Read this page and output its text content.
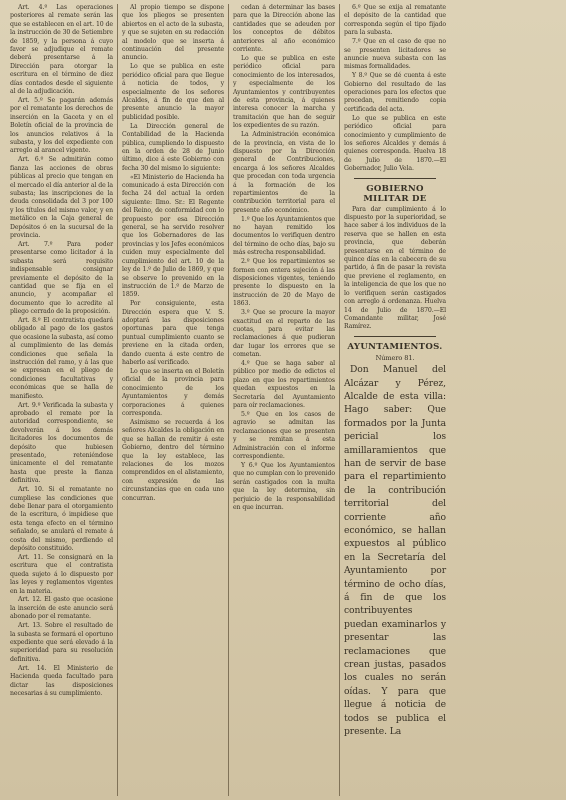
Art. 4.º Las operaciones posteriores al remate serán las que se establecen en el art. 10 de la instrucción de 30 de Setiembre de 1859, y la persona á cuyo favor se adjudique el remate deberá presentarse á la Dirección para otorgar la escritura en el término de diez días contados desde el siguiente al de la adjudicación.

Art. 5.º Se pagarán además por el rematante los derechos de inserción en la Gaceta y en el Boletín oficial de la provincia de los anuncios relativos á la subasta, y los del expediente con arreglo al arancel vigente.

Art. 6.º Se admitirán como fianza las acciones de obras públicas al precio que tengan en el mercado el día anterior al de la subasta; las inscripciones de la deuda consolidada del 3 por 100 y los títulos del mismo valor, y en metálico en la Caja general de Depósitos ó en la sucursal de la provincia.

Art. 7.º Para poder presentarse como licitador á la subasta será requisito indispensable consignar previamente el depósito de la cantidad que se fija en el anuncio, y acompañar el documento que lo acredite al pliego cerrado de la proposición.

Art. 8.º El contratista quedará obligado al pago de los gastos que ocasione la subasta, así como al cumplimiento de las demás condiciones que señala la instrucción del ramo, y á las que se expresan en el pliego de condiciones facultativas y económicas que se halla de manifiesto.

Art. 9.º Verificada la subasta y aprobado el remate por la autoridad correspondiente, se devolverán á los demás licitadores los documentos de depósito que hubiesen presentado, reteniéndose únicamente el del rematante hasta que preste la fianza definitiva.

Art. 10. Si el rematante no cumpliese las condiciones que debe llenar para el otorgamiento de la escritura, ó impidiese que esta tenga efecto en el término señalado, se anulará el remate á costa del mismo, perdiendo el depósito constituido.

Art. 11. Se consignará en la escritura que el contratista queda sujeto á lo dispuesto por las leyes y reglamentos vigentes en la materia.

Art. 12. El gasto que ocasione la inserción de este anuncio será abonado por el rematante.

Art. 13. Sobre el resultado de la subasta se formará el oportuno expediente que será elevado á la superioridad para su resolución definitiva.

Art. 14. El Ministerio de Hacienda queda facultado para dictar las disposiciones necesarias á su cumplimiento.

Al propio tiempo se dispone que los pliegos se presenten abiertos en el acto de la subasta, y que se sujeten en su redacción al modelo que se inserta á continuación del presente anuncio.

Lo que se publica en este periódico oficial para que llegue á noticia de todos, y especialmente de los señores Alcaldes, á fin de que den al presente anuncio la mayor publicidad posible.

La Dirección general de Contabilidad de la Hacienda pública, cumpliendo lo dispuesto en la orden de 28 de Junio último, dice á este Gobierno con fecha 30 del mismo lo siguiente:

«El Ministerio de Hacienda ha comunicado á esta Dirección con fecha 24 del actual la orden siguiente: Ilmo. Sr.: El Regente del Reino, de conformidad con lo propuesto por esa Dirección general, se ha servido resolver que los Gobernadores de las provincias y los Jefes económicos cuiden muy especialmente del cumplimiento del art. 10 de la ley de 1.º de Julio de 1869, y que se observe lo prevenido en la instrucción de 1.º de Marzo de 1859.

Por consiguiente, esta Dirección espera que V. S. adoptará las disposiciones oportunas para que tenga puntual cumplimiento cuanto se previene en la citada orden, dando cuenta á este centro de haberlo así verificado.

Lo que se inserta en el Boletín oficial de la provincia para conocimiento de los Ayuntamientos y demás corporaciones á quienes corresponda.

Asimismo se recuerda á los señores Alcaldes la obligación en que se hallan de remitir á este Gobierno, dentro del término que la ley establece, las relaciones de los mozos comprendidos en el alistamiento, con expresión de las circunstancias que en cada uno concurran.

cedan á determinar las bases para que la Dirección abone las cantidades que se adeuden por los conceptos de débitos anteriores al año económico corriente.

Lo que se publica en este periódico oficial para conocimiento de los interesados, y especialmente de los Ayuntamientos y contribuyentes de esta provincia, á quienes interesa conocer la marcha y tramitación que han de seguir los expedientes de su razón.

La Administración económica de la provincia, en vista de lo dispuesto por la Dirección general de Contribuciones, encarga á los señores Alcaldes que procedan con toda urgencia á la formación de los repartimientos de la contribución territorial para el presente año económico.

1.º Que los Ayuntamientos que no hayan remitido los documentos lo verifiquen dentro del término de ocho días, bajo su más estrecha responsabilidad.

2.º Que los repartimientos se formen con entera sujeción á las disposiciones vigentes, teniendo presente lo dispuesto en la instrucción de 20 de Mayo de 1863.

3.º Que se procure la mayor exactitud en el reparto de las cuotas, para evitar las reclamaciones á que pudieran dar lugar los errores que se cometan.

4.º Que se haga saber al público por medio de edictos el plazo en que los repartimientos quedan expuestos en la Secretaría del Ayuntamiento para oír reclamaciones.

5.º Que en los casos de agravio se admitan las reclamaciones que se presenten y se remitan á esta Administración con el informe correspondiente.

Y 6.º Que los Ayuntamientos que no cumplan con lo prevenido serán castigados con la multa que la ley determina, sin perjuicio de la responsabilidad en que incurran.

6.º Que se exija al rematante el depósito de la cantidad que corresponda según el tipo fijado para la subasta.

7.º Que en el caso de que no se presenten licitadores se anuncie nueva subasta con las mismas formalidades.

Y 8.º Que se dé cuenta á este Gobierno del resultado de las operaciones para los efectos que procedan, remitiendo copia certificada del acta.

Lo que se publica en este periódico oficial para conocimiento y cumplimiento de los señores Alcaldes y demás á quienes corresponda. Huelva 18 de Julio de 1870.—El Gobernador, Julio Vela.

GOBIERNO MILITAR DE

Para dar cumplimiento á lo dispuesto por la superioridad, se hace saber á los individuos de la reserva que se hallen en esta provincia, que deberán presentarse en el término de quince días en la cabecera de su partido, á fin de pasar la revista que previene el reglamento, en la inteligencia de que los que no lo verifiquen serán castigados con arreglo á ordenanza. Huelva 14 de Julio de 1870.—El Comandante militar, José Ramírez.

AYUNTAMIENTOS.
Número 81.

Don Manuel del Alcázar y Pérez, Alcalde de esta villa: Hago saber: Que formados por la Junta pericial los amillaramientos que han de servir de base para el repartimiento de la contribución territorial del corriente año económico, se hallan expuestos al público en la Secretaría del Ayuntamiento por término de ocho días, á fin de que los contribuyentes puedan examinarlos y presentar las reclamaciones que crean justas, pasados los cuales no serán oídas. Y para que llegue á noticia de todos se publica el presente. La
